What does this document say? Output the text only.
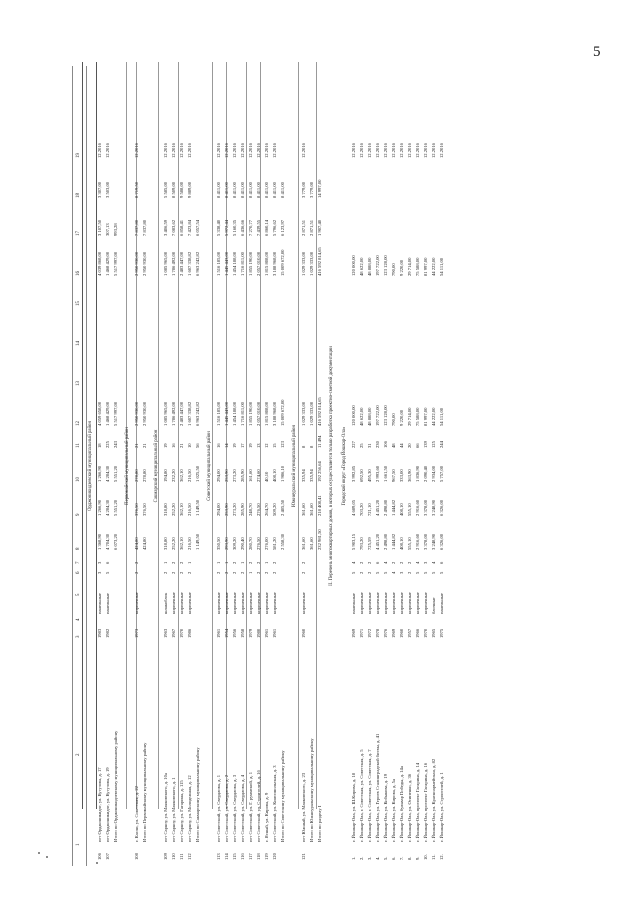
5
Орджоникидзевский муниципальный район
106
пгт Орджоникидзе, ул. Кутузова, д. 17
1983
панельные
3
3
1 368,90
1 266,90
1 266,90
18
4 059 658,00
4 039 868,00
3 107,50
3 307,00
12.2016
107
пгт Орджоникидзе, ул. Кутузова, д. 19
1982
панельные
5
6
4 704,30
4 284,30
4 284,30
225
1 468 429,00
1 468 429,00
307,13
3 503,00
12.2016
Итого по Орджоникидзевскому муниципальному району
6 073,20
5 551,20
5 551,20
243
5 517 997,00
5 517 997,00
993,28
Первомайский муниципальный район
108
г. Касли, ул. Советская, д. 22
1973
кирпичные
2
2
424,80
376,50
278,80
21
2 950 930,00
2 950 930,00
7 837,80
8 719,50
12.2016
Итого по Первомайскому муниципальному району
424,80
376,50
278,80
21
2 950 930,00
2 950 930,00
7 837,80
Сакмарский муниципальный район
109
пгт Сарноу, ул. Маяковского, д. 10а
1963
шлакоблок
2
1
318,80
318,80
194,80
19
1 085 965,00
1 085 965,00
3 406,59
5 585,00
12.2016
110
пгт Сарноу, ул. Маяковского, д. 1
1967
кирпичные
2
2
252,20
252,20
232,20
16
1 786 492,00
1 786 492,00
7 083,62
8 509,00
12.2016
111
пгт Сарноу, ул. Гагарина, д. 115
1970
кирпичные
2
2
362,10
362,10
362,10
21
2 483 447,00
2 483 447,00
6 858,41
9 588,00
12.2016
112
пгт Сарноу, ул. Молодежная, д. 12
1986
кирпичные
2
1
216,50
216,50
216,50
10
1 607 338,82
1 607 338,82
7 423,84
9 889,00
12.2016
Итого по Сакмарскому муниципальному району
1 149,50
1 149,50
1 025,50
56
6 963 242,82
6 963 242,82
6 057,54
Советский муниципальный район
113
пгт Советский, ул. Свердлова, д. 1
1961
кирпичные
2
1
350,50
294,00
294,00
16
1 516 185,00
1 516 185,00
5 338,40
8 411,00
12.2016
114
пгт Советский, ул. Свердлова, д. 2
1954
кирпичные
2
1
293,90
253,90
253,90
14
1 445 443,00
1 445 443,00
5 972,44
8 411,00
12.2016
115
пгт Советский, ул. Свердлова, д. 3
1956
кирпичные
2
2
309,20
273,20
273,20
19
1 454 188,00
1 454 188,00
5 160,35
8 411,00
12.2016
116
пгт Советский, ул. Свердлова, д. 4
1958
кирпичные
2
1
290,40
285,90
285,90
17
1 716 811,00
1 716 811,00
6 436,66
8 411,00
12.2016
117
пгт Советский, ул. Г. руммской, д. 1
1979
кирпичные
1
2
280,70
248,70
161,60
19
1 855 190,00
1 855 190,00
7 270,77
8 411,00
12.2016
118
пгт Советский, ул. Строителей, д. 1б
1980
кирпичные
2
2
276,50
276,50
274,60
13
2 057 010,00
2 057 010,00
7 439,55
8 411,00
12.2016
119
г. Ясный, ул. Кирова, д. 9
1961
кирпичные
2
1
276,00
264,70
40,10
12
1 815 808,00
1 815 808,00
6 860,14
8 411,00
12.2016
120
пгт Советский, ул. Комсомольская, д. 3
1961
кирпичные
2
2
581,20
509,20
408,10
15
3 188 968,00
3 188 968,00
5 796,62
8 411,00
12.2016
Итого по Советскому муниципальному району
2 558,30
2 405,50
1 986,10
123
15 009 672,00
15 009 672,00
6 123,97
8 411,00
Южноуральский муниципальный район
121
пгт Южный, ул. Маяковского, д. 23
1960
кирпичные
2
2
361,60
361,60
335,94
8
1 029 333,00
1 029 333,00
2 871,51
3 779,00
12.2016
Итого по Южноуральскому муниципальному району
361,60
361,60
335,94
8
1 029 333,00
1 029 333,00
2 871,51
3 779,00
Итого по разделу I
232 981,50
218 408,41
192 256,64
11 494
416 592 814,65
416 592 814,65
1 907,40
14 997,00
II. Перечень многоквартирных домов, в которых осуществляется только разработка проектно-сметной документации Городской округ «Город Йошкар-Ола»
1.
г. Йошкар-Ола, ул. Ш.Кирова, д. 18
1969
панельные
5
4
5 903,15
4 689,05
3 992,85
227
120 000,00
120 000,00
12.2016
2.
г. Йошкар-Ола, г. Советская, ул. Советская, д. 5
1971
кирпичные
2
2
793,20
703,20
692,50
25
48 622,00
48 622,00
12.2016
3.
г. Йошкар-Ола, г. Советская, ул. Советская, д. 7
1972
кирпичные
2
2
725,59
721,10
495,30
31
48 888,00
48 888,00
12.2016
4.
г. Йошкар-Ола, ул. Героев Сталинградской битвы, д. 41
1978
кирпичные
5
6
4 451,20
4 451,20
2 993,60
230
197 722,00
197 722,00
12.2016
5.
г. Йошкар-Ола, ул. Кобыкова, д. 19
1976
кирпичные
5
4
2 498,80
2 498,80
1 661,50
106
123 128,00
123 128,00
12.2016
6.
г. Йошкар-Ола, ул. Кирова, д. 5а
1969
кирпичные
4
2
1 444,82
1 444,82
967,50
48
790,00
790,00
12.2016
7.
г. Йошкар-Ола, бульвар Победы, д. 14а
1960
кирпичные
3
2
408,10
408,10
333,00
44
9 220,00
9 220,00
12.2016
8.
г. Йошкар-Ола, ул. Осипенко, д. 36
1957
кирпичные
2
2
555,10
555,10
363,90
20
29 714,00
29 714,00
12.2016
9.
г. Йошкар-Ола, проспект Гагарина, д. 14
1966
кирпичные
5
4
2 916,60
2 916,60
1 836,90
66
75 588,00
75 588,00
12.2016
10.
г. Йошкар-Ола, проспект Гагарина, д. 16
1970
кирпичные
5
3
3 378,00
3 378,00
2 090,40
139
81 997,00
81 997,00
12.2016
11.
г. Йошкар-Ола, ул. Красноармейская, д. 82
1965
блочные
5
4
3 248,90
3 248,90
2 934,00
125
44 222,00
44 222,00
12.2016
12.
г. Йошкар-Ола, ул. Строителей, д. 1
1975
панельные
5
6
6 326,00
6 326,00
5 757,00
244
54 111,00
54 111,00
12.2016
1
2
3
4
5
6
7
8
9
10
11
12
13
14
15
16
17
18
19
